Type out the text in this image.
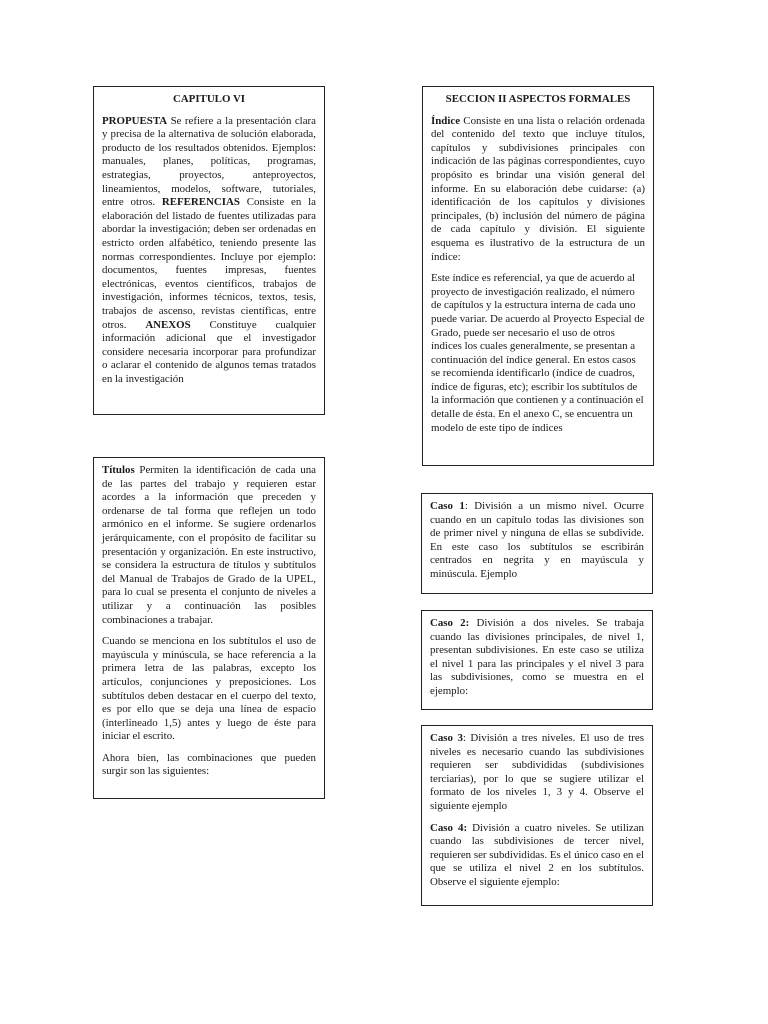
CAPITULO VI

PROPUESTA Se refiere a la presentación clara y precisa de la alternativa de solución elaborada, producto de los resultados obtenidos. Ejemplos: manuales, planes, políticas, programas, estrategias, proyectos, anteproyectos, lineamientos, modelos, software, tutoriales, entre otros. REFERENCIAS Consiste en la elaboración del listado de fuentes utilizadas para abordar la investigación; deben ser ordenadas en estricto orden alfabético, teniendo presente las normas correspondientes. Incluye por ejemplo: documentos, fuentes impresas, fuentes electrónicas, eventos científicos, trabajos de investigación, informes técnicos, textos, tesis, trabajos de ascenso, revistas científicas, entre otros. ANEXOS Constituye cualquier información adicional que el investigador considere necesaria incorporar para profundizar o aclarar el contenido de algunos temas tratados en la investigación

SECCION II ASPECTOS FORMALES

Índice Consiste en una lista o relación ordenada del contenido del texto que incluye títulos, capítulos y subdivisiones principales con indicación de las páginas correspondientes, cuyo propósito es brindar una visión general del informe. En su elaboración debe cuidarse: (a) identificación de los capítulos y divisiones principales, (b) inclusión del número de página de cada capítulo y división. El siguiente esquema es ilustrativo de la estructura de un índice:

Este índice es referencial, ya que de acuerdo al proyecto de investigación realizado, el número de capítulos y la estructura interna de cada uno puede variar. De acuerdo al Proyecto Especial de Grado, puede ser necesario el uso de otros índices los cuales generalmente, se presentan a continuación del índice general. En estos casos se recomienda identificarlo (índice de cuadros, índice de figuras, etc); escribir los subtítulos de la información que contienen y a continuación el detalle de ésta. En el anexo C, se encuentra un modelo de este tipo de índices

Títulos Permiten la identificación de cada una de las partes del trabajo y requieren estar acordes a la información que preceden y ordenarse de tal forma que reflejen un todo armónico en el informe. Se sugiere ordenarlos jerárquicamente, con el propósito de facilitar su presentación y organización. En este instructivo, se considera la estructura de títulos y subtítulos del Manual de Trabajos de Grado de la UPEL, para lo cual se presenta el conjunto de niveles a utilizar y a continuación las posibles combinaciones a trabajar.

Cuando se menciona en los subtítulos el uso de mayúscula y minúscula, se hace referencia a la primera letra de las palabras, excepto los artículos, conjunciones y preposiciones. Los subtítulos deben destacar en el cuerpo del texto, es por ello que se deja una línea de espacio (interlineado 1,5) antes y luego de éste para iniciar el escrito.

Ahora bien, las combinaciones que pueden surgir son las siguientes:

Caso 1: División a un mismo nivel. Ocurre cuando en un capítulo todas las divisiones son de primer nivel y ninguna de ellas se subdivide. En este caso los subtítulos se escribirán centrados en negrita y en mayúscula y minúscula. Ejemplo

Caso 2: División a dos niveles. Se trabaja cuando las divisiones principales, de nivel 1, presentan subdivisiones. En este caso se utiliza el nivel 1 para las principales y el nivel 3 para las subdivisiones, como se muestra en el ejemplo:

Caso 3: División a tres niveles. El uso de tres niveles es necesario cuando las subdivisiones requieren ser subdivididas (subdivisiones terciarias), por lo que se sugiere utilizar el formato de los niveles 1, 3 y 4. Observe el siguiente ejemplo

Caso 4: División a cuatro niveles. Se utilizan cuando las subdivisiones de tercer nivel, requieren ser subdivididas. Es el único caso en el que se utiliza el nivel 2 en los subtítulos. Observe el siguiente ejemplo:
